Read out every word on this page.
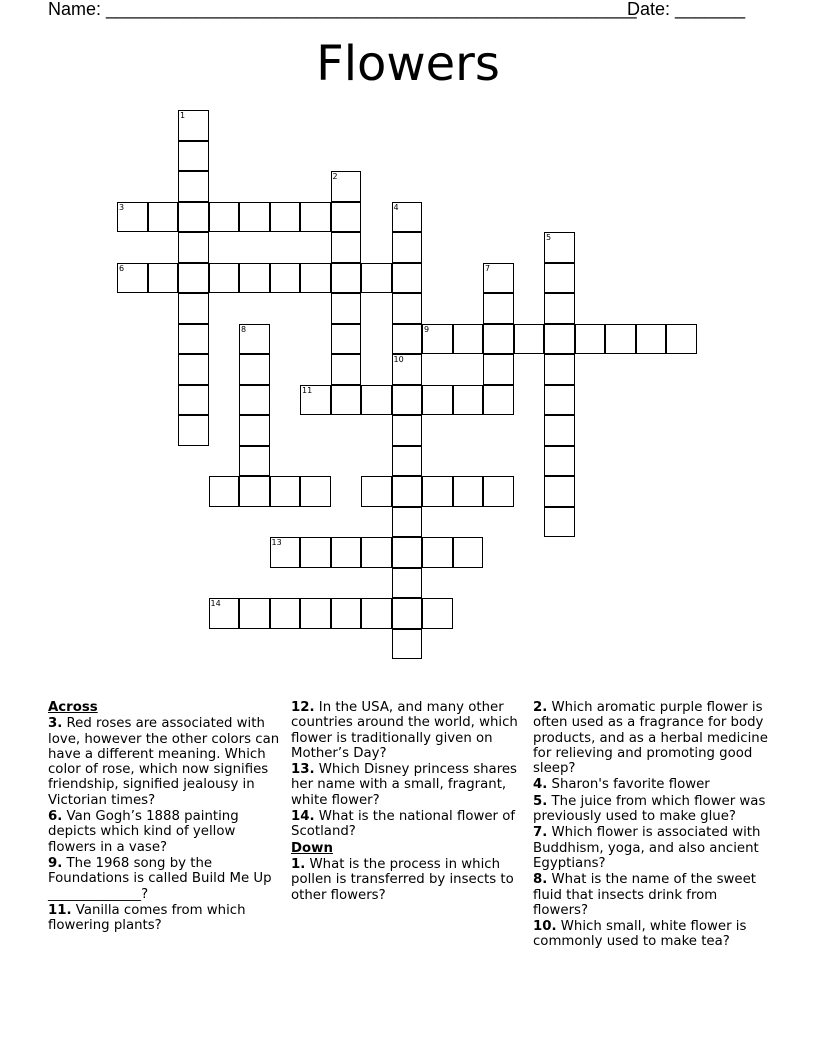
Name: _____________________________________________________
Date: _______
Flowers
1
2
4
5
7
8
10
3
6
9
11
13
14

Across

3. Red roses are associated with love, however the other colors can have a different meaning. Which color of rose, which now signifies friendship, signified jealousy in Victorian times?

6. Van Gogh’s 1888 painting depicts which kind of yellow flowers in a vase?

9. The 1968 song by the Foundations is called Build Me Up ______________?

11. Vanilla comes from which flowering plants?

12. In the USA, and many other countries around the world, which flower is traditionally given on Mother’s Day?

13. Which Disney princess shares her name with a small, fragrant, white flower?

14. What is the national flower of Scotland?

Down

1. What is the process in which pollen is transferred by insects to other flowers?

2. Which aromatic purple flower is often used as a fragrance for body products, and as a herbal medicine for relieving and promoting good sleep?

4. Sharon's favorite flower

5. The juice from which flower was previously used to make glue?

7. Which flower is associated with Buddhism, yoga, and also ancient Egyptians?

8. What is the name of the sweet fluid that insects drink from flowers?

10. Which small, white flower is commonly used to make tea?
